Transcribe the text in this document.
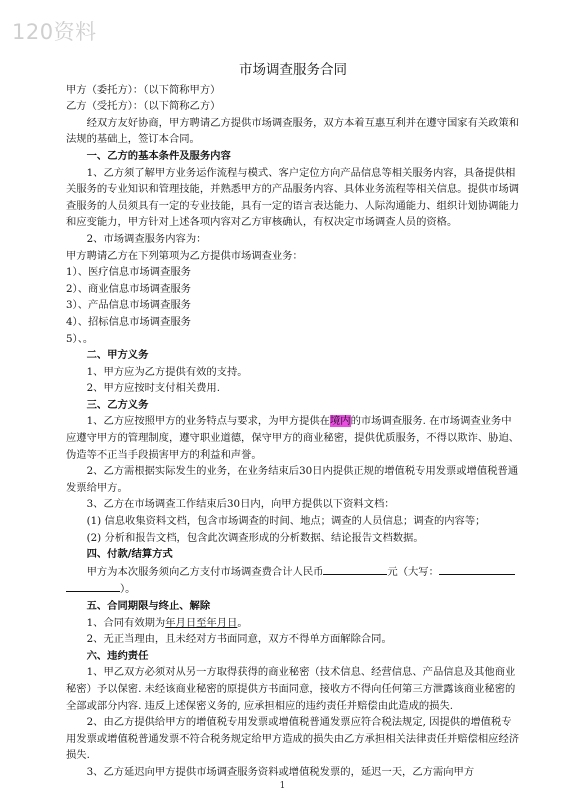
120资料
市场调查服务合同

甲方（委托方）：（以下简称甲方）

乙方（受托方）：（以下简称乙方）

经双方友好协商，甲方聘请乙方提供市场调查服务，双方本着互惠互利并在遵守国家有关政策和法规的基础上，签订本合同。

一、乙方的基本条件及服务内容

1、乙方须了解甲方业务运作流程与模式、客户定位方向产品信息等相关服务内容，具备提供相关服务的专业知识和管理技能，并熟悉甲方的产品服务内容、具体业务流程等相关信息。提供市场调查服务的人员须具有一定的专业技能，具有一定的语言表达能力、人际沟通能力、组织计划协调能力和应变能力，甲方针对上述各项内容对乙方审核确认，有权决定市场调查人员的资格。

2、市场调查服务内容为：

甲方聘请乙方在下列第项为乙方提供市场调查业务：

1）、医疗信息市场调查服务

2）、商业信息市场调查服务

3）、产品信息市场调查服务

4）、招标信息市场调查服务

5）、。

二、甲方义务

1、甲方应为乙方提供有效的支持。

2、甲方应按时支付相关费用.

三、乙方义务

1、乙方应按照甲方的业务特点与要求，为甲方提供在境内的市场调查服务. 在市场调查业务中应遵守甲方的管理制度，遵守职业道德，保守甲方的商业秘密，提供优质服务，不得以欺诈、胁迫、伪造等不正当手段损害甲方的利益和声誉。

2、乙方需根据实际发生的业务，在业务结束后30日内提供正规的增值税专用发票或增值税普通发票给甲方。

3、乙方在市场调查工作结束后30日内，向甲方提供以下资料文档：

(1) 信息收集资料文档，包含市场调查的时间、地点；调查的人员信息；调查的内容等；

(2) 分析和报告文档，包含此次调查形成的分析数据、结论报告文档数据。

四、付款/结算方式

甲方为本次服务须向乙方支付市场调查费合计人民币	元（大写：

）。

五、合同期限与终止、解除

1、合同有效期为年月日至年月日。

2、无正当理由，且未经对方书面同意，双方不得单方面解除合同。

六、违约责任

1、甲乙双方必须对从另一方取得获得的商业秘密（技术信息、经营信息、产品信息及其他商业秘密）予以保密. 未经该商业秘密的原提供方书面同意，接收方不得向任何第三方泄露该商业秘密的全部或部分内容. 违反上述保密义务的, 应承担相应的违约责任并赔偿由此造成的损失.

2、由乙方提供给甲方的增值税专用发票或增值税普通发票应符合税法规定, 因提供的增值税专用发票或增值税普通发票不符合税务规定给甲方造成的损失由乙方承担相关法律责任并赔偿相应经济损失.

3、乙方延迟向甲方提供市场调查服务资料或增值税发票的，延迟一天，乙方需向甲方

1
